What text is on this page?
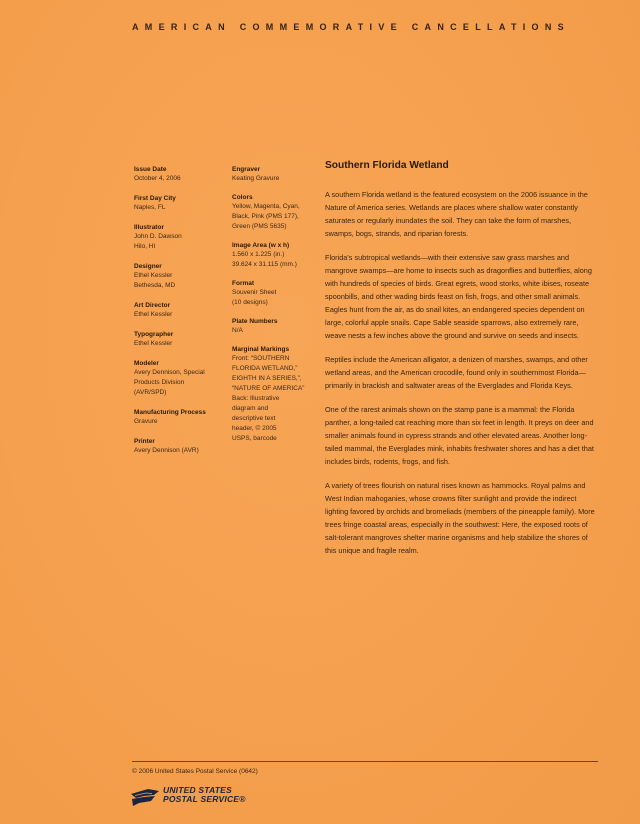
AMERICAN COMMEMORATIVE CANCELLATIONS

Issue Date

October 4, 2006

First Day City

Naples, FL

Illustrator

John D. Dawson

Hilo, HI

Designer

Ethel Kessler

Bethesda, MD

Art Director

Ethel Kessler

Typographer

Ethel Kessler

Modeler

Avery Dennison, Special

Products Division

(AVR/SPD)

Manufacturing Process

Gravure

Printer

Avery Dennison (AVR)

Engraver

Keating Gravure

Colors

Yellow, Magenta, Cyan,

Black, Pink (PMS 177),

Green (PMS 5635)

Image Area (w x h)

1.560 x 1.225 (in.)

39.624 x 31.115 (mm.)

Format

Souvenir Sheet

(10 designs)

Plate Numbers

N/A

Marginal Markings

Front: “SOUTHERN

FLORIDA WETLAND,”

EIGHTH IN A SERIES,”,

“NATURE OF AMERICA”

Back: Illustrative

diagram and

descriptive text

header, © 2005

USPS, barcode

Southern Florida Wetland

A southern Florida wetland is the featured ecosystem on the 2006 issuance in the Nature of America series. Wetlands are places where shallow water constantly saturates or regularly inundates the soil. They can take the form of marshes, swamps, bogs, strands, and riparian forests.

Florida’s subtropical wetlands—with their extensive saw grass marshes and mangrove swamps—are home to insects such as dragonflies and butterflies, along with hundreds of species of birds. Great egrets, wood storks, white ibises, roseate spoonbills, and other wading birds feast on fish, frogs, and other small animals. Eagles hunt from the air, as do snail kites, an endangered species dependent on large, colorful apple snails. Cape Sable seaside sparrows, also extremely rare, weave nests a few inches above the ground and survive on seeds and insects.

Reptiles include the American alligator, a denizen of marshes, swamps, and other wetland areas, and the American crocodile, found only in southernmost Florida—primarily in brackish and saltwater areas of the Everglades and Florida Keys.

One of the rarest animals shown on the stamp pane is a mammal: the Florida panther, a long-tailed cat reaching more than six feet in length. It preys on deer and smaller animals found in cypress strands and other elevated areas. Another long-tailed mammal, the Everglades mink, inhabits freshwater shores and has a diet that includes birds, rodents, frogs, and fish.

A variety of trees flourish on natural rises known as hammocks. Royal palms and West Indian mahoganies, whose crowns filter sunlight and provide the indirect lighting favored by orchids and bromeliads (members of the pineapple family). More trees fringe coastal areas, especially in the southwest: Here, the exposed roots of salt-tolerant mangroves shelter marine organisms and help stabilize the shores of this unique and fragile realm.

© 2006 United States Postal Service (0642)
UNITED STATES
POSTAL SERVICE®
